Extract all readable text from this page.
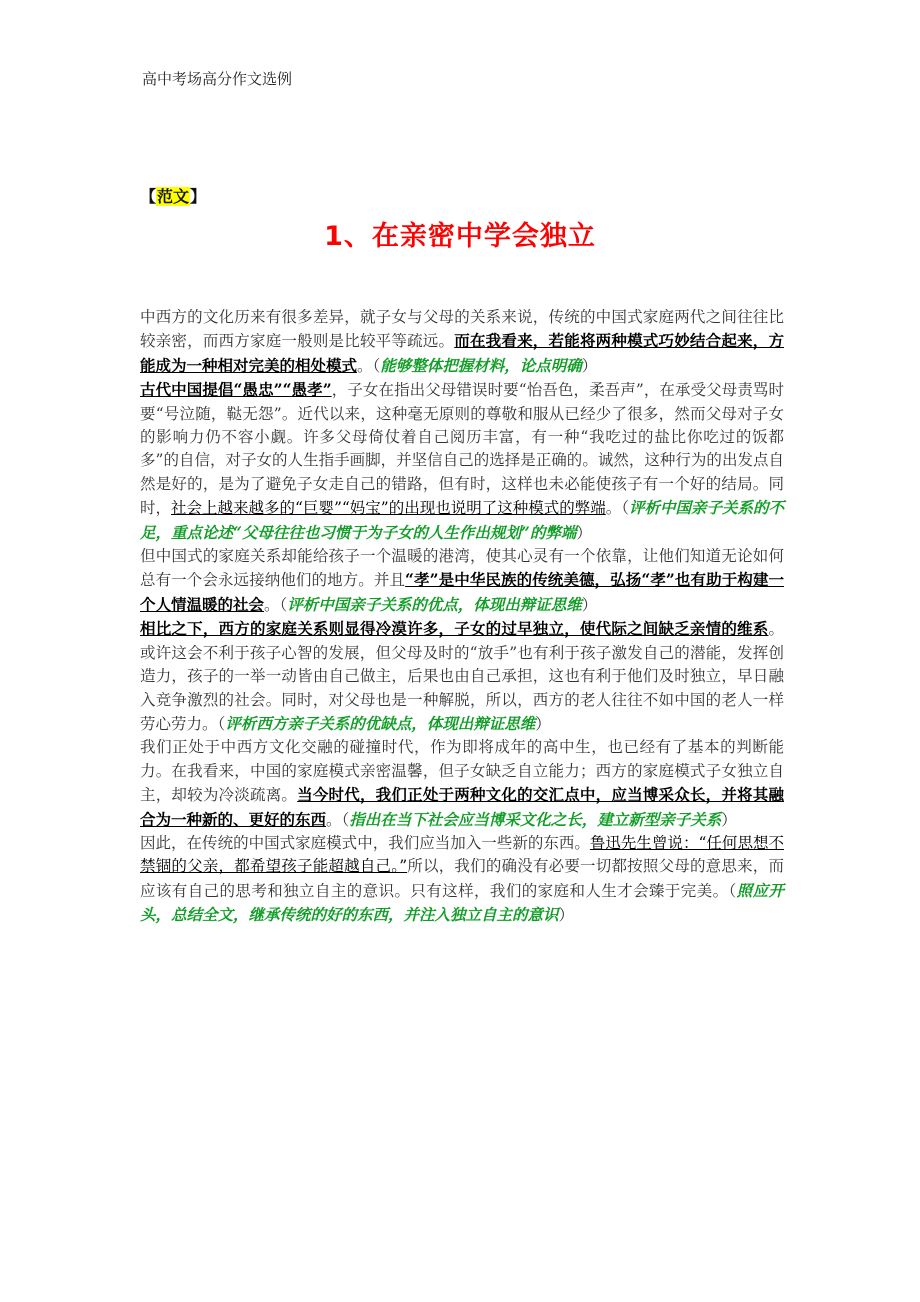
高中考场高分作文选例
【范文】
1、在亲密中学会独立

中西方的文化历来有很多差异，就子女与父母的关系来说，传统的中国式家庭两代之间往往比较亲密，而西方家庭一般则是比较平等疏远。而在我看来，若能将两种模式巧妙结合起来，方能成为一种相对完美的相处模式。（能够整体把握材料，论点明确）

古代中国提倡“愚忠”“愚孝”，子女在指出父母错误时要“怡吾色，柔吾声”，在承受父母责骂时要“号泣随，鞑无怨”。近代以来，这种毫无原则的尊敬和服从已经少了很多，然而父母对子女的影响力仍不容小觑。许多父母倚仗着自己阅历丰富，有一种“我吃过的盐比你吃过的饭都多”的自信，对子女的人生指手画脚，并坚信自己的选择是正确的。诚然，这种行为的出发点自然是好的，是为了避免子女走自己的错路，但有时，这样也未必能使孩子有一个好的结局。同时，社会上越来越多的“巨婴”“妈宝”的出现也说明了这种模式的弊端。（评析中国亲子关系的不足，重点论述“父母往往也习惯于为子女的人生作出规划”的弊端）

但中国式的家庭关系却能给孩子一个温暖的港湾，使其心灵有一个依靠，让他们知道无论如何总有一个会永远接纳他们的地方。并且“孝”是中华民族的传统美德，弘扬“孝”也有助于构建一个人情温暖的社会。（评析中国亲子关系的优点，体现出辩证思维）

相比之下，西方的家庭关系则显得冷漠许多，子女的过早独立，使代际之间缺乏亲情的维系。或许这会不利于孩子心智的发展，但父母及时的“放手”也有利于孩子激发自己的潜能，发挥创造力，孩子的一举一动皆由自己做主，后果也由自己承担，这也有利于他们及时独立，早日融入竞争激烈的社会。同时，对父母也是一种解脱，所以，西方的老人往往不如中国的老人一样劳心劳力。（评析西方亲子关系的优缺点，体现出辩证思维）

我们正处于中西方文化交融的碰撞时代，作为即将成年的高中生，也已经有了基本的判断能力。在我看来，中国的家庭模式亲密温馨，但子女缺乏自立能力；西方的家庭模式子女独立自主，却较为冷淡疏离。当今时代，我们正处于两种文化的交汇点中，应当博采众长，并将其融合为一种新的、更好的东西。（指出在当下社会应当博采文化之长，建立新型亲子关系）

因此，在传统的中国式家庭模式中，我们应当加入一些新的东西。鲁迅先生曾说：“任何思想不禁锢的父亲，都希望孩子能超越自己。”所以，我们的确没有必要一切都按照父母的意思来，而应该有自己的思考和独立自主的意识。只有这样，我们的家庭和人生才会臻于完美。（照应开头，总结全文，继承传统的好的东西，并注入独立自主的意识）
